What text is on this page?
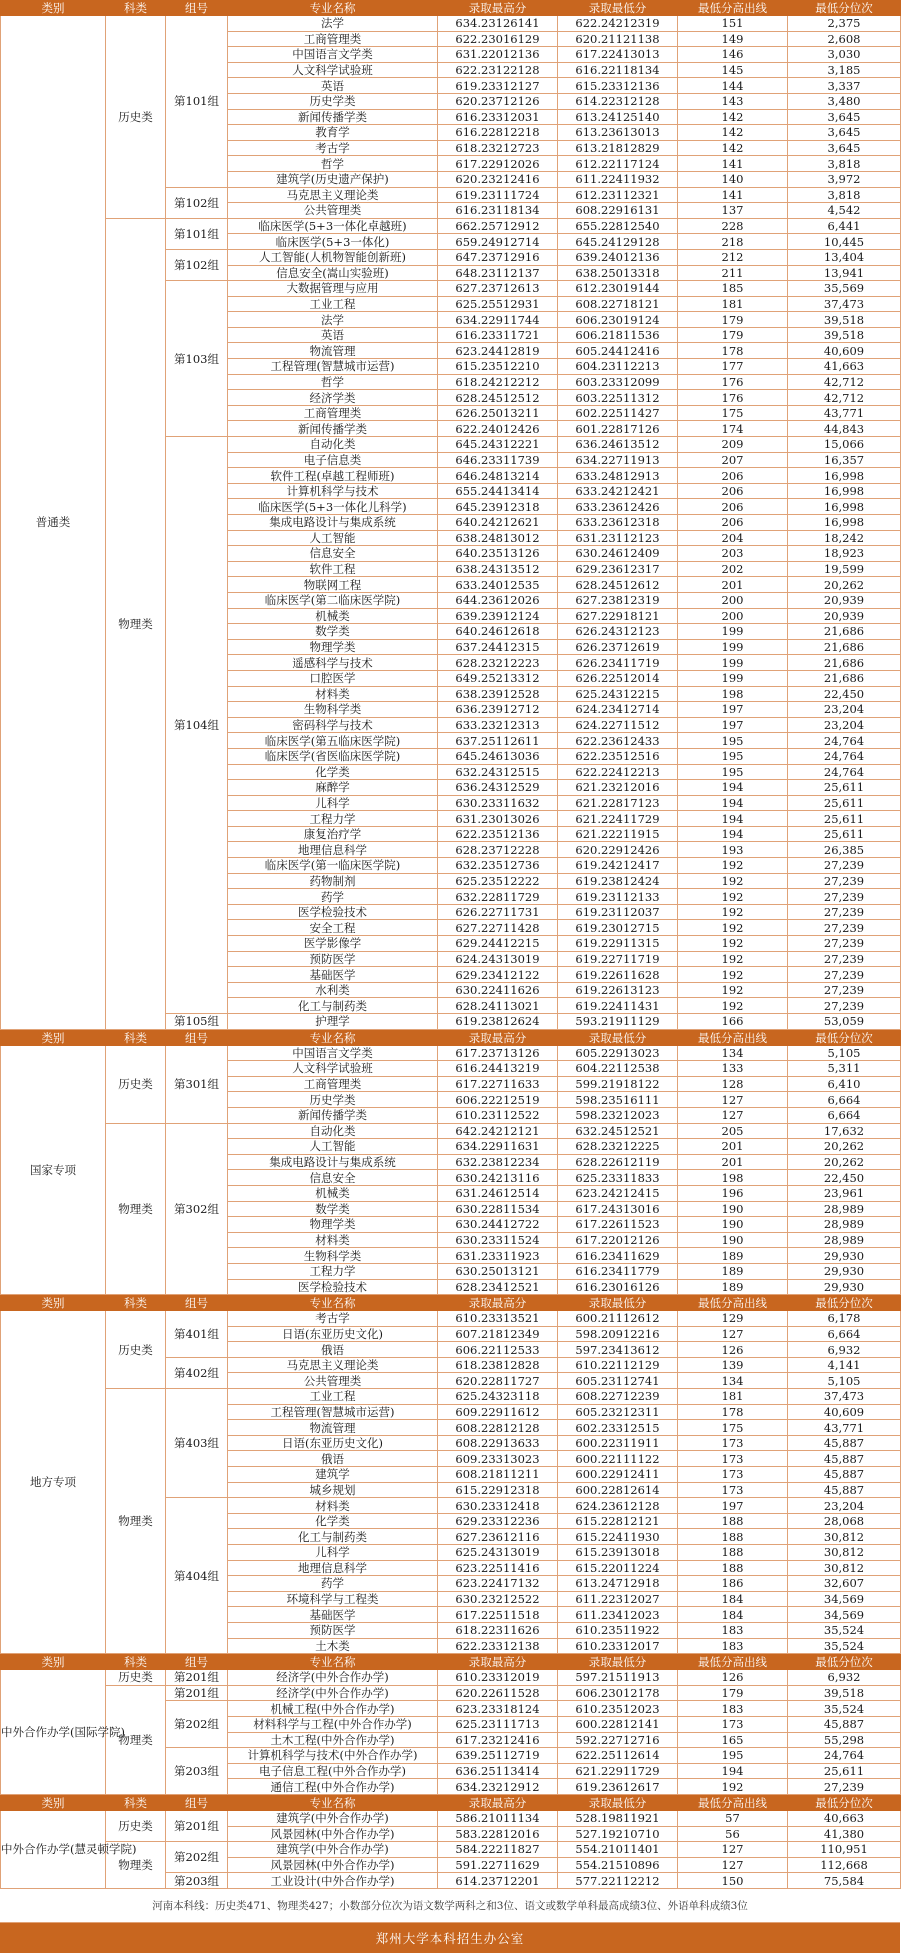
类别	科类	组号	专业名称	录取最高分	录取最低分	最低分高出线	最低分位次
普通类	历史类	第101组	法学	634.23126141	622.24212319	151	2,375
			工商管理类	622.23016129	620.21121138	149	2,608
			中国语言文学类	631.22012136	617.22413013	146	3,030
			人文科学试验班	622.23122128	616.22118134	145	3,185
			英语	619.23312127	615.23312136	144	3,337
			历史学类	620.23712126	614.22312128	143	3,480
			新闻传播学类	616.23312031	613.24125140	142	3,645
			教育学	616.22812218	613.23613013	142	3,645
			考古学	618.23212723	613.21812829	142	3,645
			哲学	617.22912026	612.22117124	141	3,818
			建筑学(历史遗产保护)	620.23212416	611.22411932	140	3,972
		第102组	马克思主义理论类	619.23111724	612.23112321	141	3,818
			公共管理类	616.23118134	608.22916131	137	4,542
	物理类	第101组	临床医学(5+3一体化卓越班)	662.25712912	655.22812540	228	6,441
			临床医学(5+3一体化)	659.24912714	645.24129128	218	10,445
		第102组	人工智能(人机物智能创新班)	647.23712916	639.24012136	212	13,404
			信息安全(嵩山实验班)	648.23112137	638.25013318	211	13,941
		第103组	大数据管理与应用	627.23712613	612.23019144	185	35,569
			工业工程	625.25512931	608.22718121	181	37,473
			法学	634.22911744	606.23019124	179	39,518
			英语	616.23311721	606.21811536	179	39,518
			物流管理	623.24412819	605.24412416	178	40,609
			工程管理(智慧城市运营)	615.23512210	604.23112213	177	41,663
			哲学	618.24212212	603.23312099	176	42,712
			经济学类	628.24512512	603.22511312	176	42,712
			工商管理类	626.25013211	602.22511427	175	43,771
			新闻传播学类	622.24012426	601.22817126	174	44,843
		第104组	自动化类	645.24312221	636.24613512	209	15,066
			电子信息类	646.23311739	634.22711913	207	16,357
			软件工程(卓越工程师班)	646.24813214	633.24812913	206	16,998
			计算机科学与技术	655.24413414	633.24212421	206	16,998
			临床医学(5+3一体化儿科学)	645.23912318	633.23612426	206	16,998
			集成电路设计与集成系统	640.24212621	633.23612318	206	16,998
			人工智能	638.24813012	631.23112123	204	18,242
			信息安全	640.23513126	630.24612409	203	18,923
			软件工程	638.24313512	629.23612317	202	19,599
			物联网工程	633.24012535	628.24512612	201	20,262
			临床医学(第二临床医学院)	644.23612026	627.23812319	200	20,939
			机械类	639.23912124	627.22918121	200	20,939
			数学类	640.24612618	626.24312123	199	21,686
			物理学类	637.24412315	626.23712619	199	21,686
			遥感科学与技术	628.23212223	626.23411719	199	21,686
			口腔医学	649.25213312	626.22512014	199	21,686
			材料类	638.23912528	625.24312215	198	22,450
			生物科学类	636.23912712	624.23412714	197	23,204
			密码科学与技术	633.23212313	624.22711512	197	23,204
			临床医学(第五临床医学院)	637.25112611	622.23612433	195	24,764
			临床医学(省医临床医学院)	645.24613036	622.23512516	195	24,764
			化学类	632.24312515	622.22412213	195	24,764
			麻醉学	636.24312529	621.23212016	194	25,611
			儿科学	630.23311632	621.22817123	194	25,611
			工程力学	631.23013026	621.22411729	194	25,611
			康复治疗学	622.23512136	621.22211915	194	25,611
			地理信息科学	628.23712228	620.22912426	193	26,385
			临床医学(第一临床医学院)	632.23512736	619.24212417	192	27,239
			药物制剂	625.23512222	619.23812424	192	27,239
			药学	632.22811729	619.23112133	192	27,239
			医学检验技术	626.22711731	619.23112037	192	27,239
			安全工程	627.22711428	619.23012715	192	27,239
			医学影像学	629.24412215	619.22911315	192	27,239
			预防医学	624.24313019	619.22711719	192	27,239
			基础医学	629.23412122	619.22611628	192	27,239
			水利类	630.22411626	619.22613123	192	27,239
			化工与制药类	628.24113021	619.22411431	192	27,239
		第105组	护理学	619.23812624	593.21911129	166	53,059
类别	科类	组号	专业名称	录取最高分	录取最低分	最低分高出线	最低分位次
国家专项	历史类	第301组	中国语言文学类	617.23713126	605.22913023	134	5,105
			人文科学试验班	616.24413219	604.22112538	133	5,311
			工商管理类	617.22711633	599.21918122	128	6,410
			历史学类	606.22212519	598.23516111	127	6,664
			新闻传播学类	610.23112522	598.23212023	127	6,664
	物理类	第302组	自动化类	642.24212121	632.24512521	205	17,632
			人工智能	634.22911631	628.23212225	201	20,262
			集成电路设计与集成系统	632.23812234	628.22612119	201	20,262
			信息安全	630.24213116	625.23311833	198	22,450
			机械类	631.24612514	623.24212415	196	23,961
			数学类	630.22811534	617.24313016	190	28,989
			物理学类	630.24412722	617.22611523	190	28,989
			材料类	630.23311524	617.22012126	190	28,989
			生物科学类	631.23311923	616.23411629	189	29,930
			工程力学	630.25013121	616.23411779	189	29,930
			医学检验技术	628.23412521	616.23016126	189	29,930
类别	科类	组号	专业名称	录取最高分	录取最低分	最低分高出线	最低分位次
地方专项	历史类	第401组	考古学	610.23313521	600.21112612	129	6,178
			日语(东亚历史文化)	607.21812349	598.20912216	127	6,664
			俄语	606.22112533	597.23413612	126	6,932
		第402组	马克思主义理论类	618.23812828	610.22112129	139	4,141
			公共管理类	620.22811727	605.23112741	134	5,105
	物理类	第403组	工业工程	625.24323118	608.22712239	181	37,473
			工程管理(智慧城市运营)	609.22911612	605.23212311	178	40,609
			物流管理	608.22812128	602.23312515	175	43,771
			日语(东亚历史文化)	608.22913633	600.22311911	173	45,887
			俄语	609.23313023	600.22111122	173	45,887
			建筑学	608.21811211	600.22912411	173	45,887
			城乡规划	615.22912318	600.22812614	173	45,887
		第404组	材料类	630.23312418	624.23612128	197	23,204
			化学类	629.23312236	615.22812121	188	28,068
			化工与制药类	627.23612116	615.22411930	188	30,812
			儿科学	625.24313019	615.23913018	188	30,812
			地理信息科学	623.22511416	615.22011224	188	30,812
			药学	623.22417132	613.24712918	186	32,607
			环境科学与工程类	630.23212522	611.22312027	184	34,569
			基础医学	617.22511518	611.23412023	184	34,569
			预防医学	618.22311626	610.23511922	183	35,524
			土木类	622.23312138	610.23312017	183	35,524
类别	科类	组号	专业名称	录取最高分	录取最低分	最低分高出线	最低分位次
中外合作办学(国际学院)	历史类	第201组	经济学(中外合作办学)	610.23312019	597.21511913	126	6,932
	物理类	第201组	经济学(中外合作办学)	620.22611528	606.23012178	179	39,518
		第202组	机械工程(中外合作办学)	623.23318124	610.23512023	183	35,524
			材料科学与工程(中外合作办学)	625.23111713	600.22812141	173	45,887
			土木工程(中外合作办学)	617.23212416	592.22712716	165	55,298
		第203组	计算机科学与技术(中外合作办学)	639.25112719	622.25112614	195	24,764
			电子信息工程(中外合作办学)	636.25113414	621.22911729	194	25,611
			通信工程(中外合作办学)	634.23212912	619.23612617	192	27,239
类别	科类	组号	专业名称	录取最高分	录取最低分	最低分高出线	最低分位次
中外合作办学(慧灵顿学院)	历史类	第201组	建筑学(中外合作办学)	586.21011134	528.19811921	57	40,663
			风景园林(中外合作办学)	583.22812016	527.19210710	56	41,380
	物理类	第202组	建筑学(中外合作办学)	584.22211827	554.21011401	127	110,951
			风景园林(中外合作办学)	591.22711629	554.21510896	127	112,668
		第203组	工业设计(中外合作办学)	614.23712201	577.22112212	150	75,584
河南本科线：历史类471、物理类427；小数部分位次为语文数学两科之和3位、语文或数学单科最高成绩3位、外语单科成绩3位
郑州大学本科招生办公室
